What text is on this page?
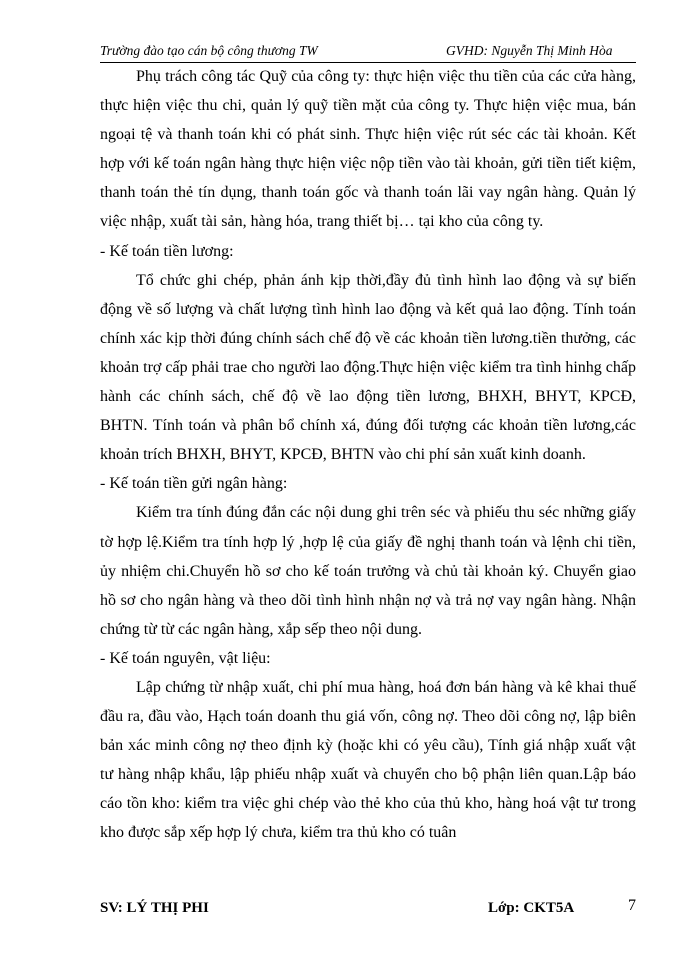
Trường đào tạo cán bộ công thương TW	GVHD: Nguyễn Thị Minh Hòa

Phụ trách công tác Quỹ của công ty: thực hiện việc thu tiền của các cửa hàng, thực hiện việc thu chi, quản lý quỹ tiền mặt của công ty. Thực hiện việc mua, bán ngoại tệ và thanh toán khi có phát sinh. Thực hiện việc rút séc các tài khoản. Kết hợp với kế toán ngân hàng thực hiện việc nộp tiền vào tài khoản, gửi tiền tiết kiệm, thanh toán thẻ tín dụng, thanh toán gốc và thanh toán lãi vay ngân hàng. Quản lý việc nhập, xuất tài sản, hàng hóa, trang thiết bị… tại kho của công ty.

- Kế toán tiền lương:

Tổ chức ghi chép, phản ánh kịp thời,đầy đủ tình hình lao động và sự biến động về số lượng và chất lượng tình hình lao động và kết quả lao động. Tính toán chính xác kịp thời đúng chính sách chế độ về các khoản tiền lương.tiền thưởng, các khoản trợ cấp phải trae cho người lao động.Thực hiện việc kiểm tra tình hinhg chấp hành các chính sách, chế độ về lao động tiền lương, BHXH, BHYT, KPCĐ, BHTN. Tính toán và phân bổ chính xá, đúng đối tượng các khoản tiền lương,các khoản trích BHXH, BHYT, KPCĐ, BHTN vào chi phí sản xuất kinh doanh.

- Kế toán tiền gửi ngân hàng:

Kiểm tra tính đúng đắn các nội dung ghi trên séc và phiếu thu séc những giấy tờ hợp lệ.Kiểm tra tính hợp lý ,hợp lệ của giấy đề nghị thanh toán và lệnh chi tiền, ủy nhiệm chi.Chuyển hồ sơ cho kế toán trưởng và chủ tài khoản ký. Chuyển giao hồ sơ cho ngân hàng và theo dõi tình hình nhận nợ và trả nợ vay ngân hàng. Nhận chứng từ từ các ngân hàng, xắp sếp theo nội dung.

- Kế toán nguyên, vật liệu:

Lập chứng từ nhập xuất, chi phí mua hàng, hoá đơn bán hàng và kê khai thuế đầu ra, đầu vào, Hạch toán doanh thu giá vốn, công nợ. Theo dõi công nợ, lập biên bản xác minh công nợ theo định kỳ (hoặc khi có yêu cầu), Tính giá nhập xuất vật tư hàng nhập khẩu, lập phiếu nhập xuất và chuyển cho bộ phận liên quan.Lập báo cáo tồn kho: kiểm tra việc ghi chép vào thẻ kho của thủ kho, hàng hoá vật tư trong kho được sắp xếp hợp lý chưa, kiểm tra thủ kho có tuân

SV: LÝ THỊ PHI	Lớp: CKT5A	7
